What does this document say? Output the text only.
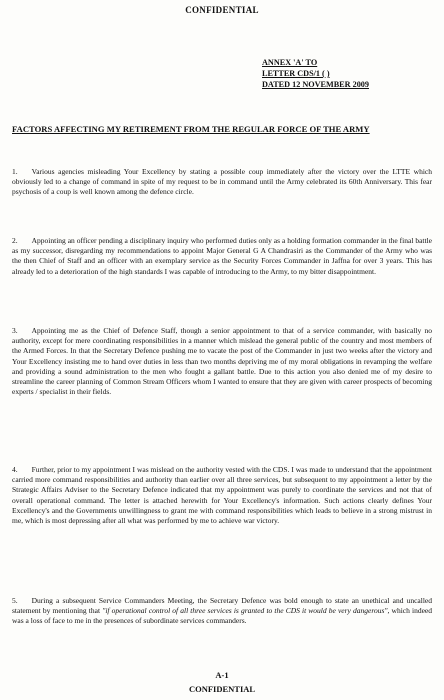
CONFIDENTIAL
ANNEX 'A' TO
LETTER CDS/1 ( )
DATED 12 NOVEMBER 2009
FACTORS AFFECTING MY RETIREMENT FROM THE REGULAR FORCE OF THE ARMY
1. Various agencies misleading Your Excellency by stating a possible coup immediately after the victory over the LTTE which obviously led to a change of command in spite of my request to be in command until the Army celebrated its 60th Anniversary. This fear psychosis of a coup is well known among the defence circle.
2. Appointing an officer pending a disciplinary inquiry who performed duties only as a holding formation commander in the final battle as my successor, disregarding my recommendations to appoint Major General G A Chandrasiri as the Commander of the Army who was the then Chief of Staff and an officer with an exemplary service as the Security Forces Commander in Jaffna for over 3 years. This has already led to a deterioration of the high standards I was capable of introducing to the Army, to my bitter disappointment.
3. Appointing me as the Chief of Defence Staff, though a senior appointment to that of a service commander, with basically no authority, except for mere coordinating responsibilities in a manner which mislead the general public of the country and most members of the Armed Forces. In that the Secretary Defence pushing me to vacate the post of the Commander in just two weeks after the victory and Your Excellency insisting me to hand over duties in less than two months depriving me of my moral obligations in revamping the welfare and providing a sound administration to the men who fought a gallant battle. Due to this action you also denied me of my desire to streamline the career planning of Common Stream Officers whom I wanted to ensure that they are given with career prospects of becoming experts / specialist in their fields.
4. Further, prior to my appointment I was mislead on the authority vested with the CDS. I was made to understand that the appointment carried more command responsibilities and authority than earlier over all three services, but subsequent to my appointment a letter by the Strategic Affairs Adviser to the Secretary Defence indicated that my appointment was purely to coordinate the services and not that of overall operational command. The letter is attached herewith for Your Excellency's information. Such actions clearly defines Your Excellency's and the Governments unwillingness to grant me with command responsibilities which leads to believe in a strong mistrust in me, which is most depressing after all what was performed by me to achieve war victory.
5. During a subsequent Service Commanders Meeting, the Secretary Defence was bold enough to state an unethical and uncalled statement by mentioning that "if operational control of all three services is granted to the CDS it would be very dangerous", which indeed was a loss of face to me in the presences of subordinate services commanders.
A-1
CONFIDENTIAL
